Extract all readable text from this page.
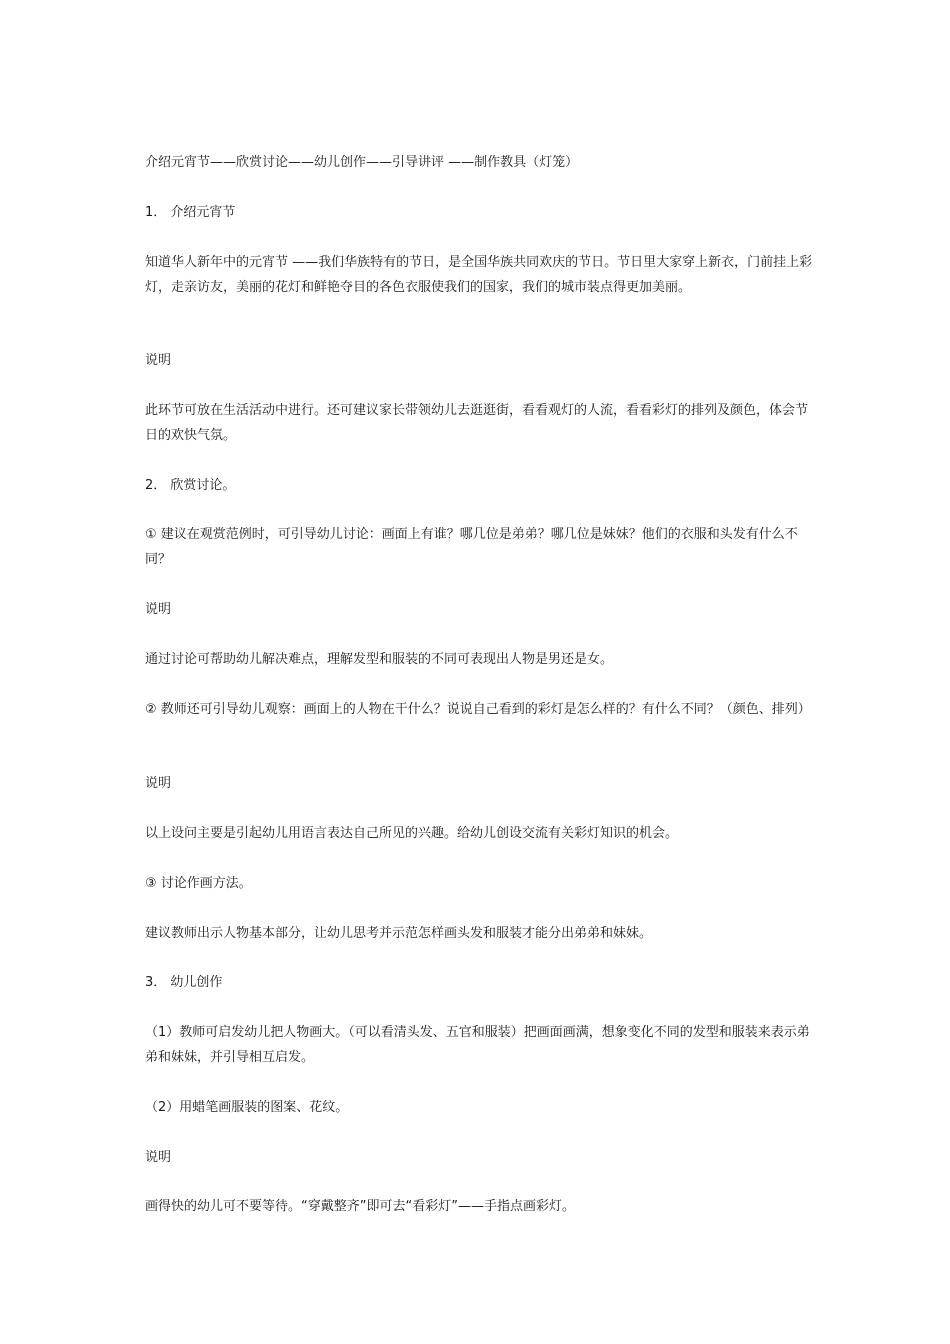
介绍元宵节——欣赏讨论——幼儿创作——引导讲评 ——制作教具（灯笼）

1． 介绍元宵节

知道华人新年中的元宵节 ——我们华族特有的节日，是全国华族共同欢庆的节日。节日里大家穿上新衣，门前挂上彩灯，走亲访友，美丽的花灯和鲜艳夺目的各色衣服使我们的国家，我们的城市装点得更加美丽。

说明

此环节可放在生活活动中进行。还可建议家长带领幼儿去逛逛街，看看观灯的人流，看看彩灯的排列及颜色，体会节日的欢快气氛。

2． 欣赏讨论。

① 建议在观赏范例时，可引导幼儿讨论：画面上有谁？哪几位是弟弟？哪几位是妹妹？他们的衣服和头发有什么不同？

说明

通过讨论可帮助幼儿解决难点，理解发型和服装的不同可表现出人物是男还是女。

② 教师还可引导幼儿观察：画面上的人物在干什么？说说自己看到的彩灯是怎么样的？有什么不同？（颜色、排列）

说明

以上设问主要是引起幼儿用语言表达自己所见的兴趣。给幼儿创设交流有关彩灯知识的机会。

③ 讨论作画方法。

建议教师出示人物基本部分，让幼儿思考并示范怎样画头发和服装才能分出弟弟和妹妹。

3． 幼儿创作

（1）教师可启发幼儿把人物画大。（可以看清头发、五官和服装）把画面画满，想象变化不同的发型和服装来表示弟弟和妹妹，并引导相互启发。

（2）用蜡笔画服装的图案、花纹。

说明

画得快的幼儿可不要等待。“穿戴整齐”即可去“看彩灯”——手指点画彩灯。
